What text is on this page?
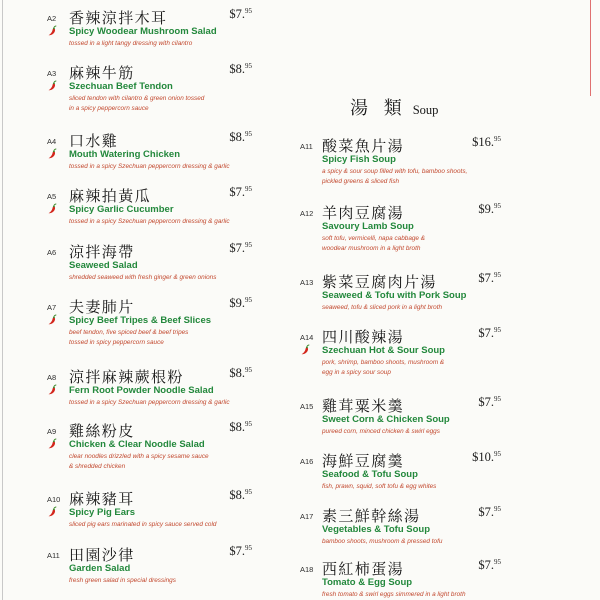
A2 香辣涼拌木耳	$7.95
Spicy Woodear Mushroom Salad
tossed in a light tangy dressing with cilantro
A3 麻辣牛筋	$8.95
Szechuan Beef Tendon
sliced tendon with cilantro & green onion tossed
in a spicy peppercorn sauce
A4 口水雞	$8.95
Mouth Watering Chicken
tossed in a spicy Szechuan peppercorn dressing & garlic
A5 麻辣拍黃瓜	$7.95
Spicy Garlic Cucumber
tossed in a spicy Szechuan peppercorn dressing & garlic
A6 涼拌海帶	$7.95
Seaweed Salad
shredded seaweed with fresh ginger & green onions
A7 夫妻肺片	$9.95
Spicy Beef Tripes & Beef Slices
beef tendon, five spiced beef & beef tripes
tossed in spicy peppercorn sauce
A8 涼拌麻辣蕨根粉	$8.95
Fern Root Powder Noodle Salad
tossed in a spicy Szechuan peppercorn dressing & garlic
A9 雞絲粉皮	$8.95
Chicken & Clear Noodle Salad
clear noodles drizzled with a spicy sesame sauce
& shredded chicken
A10 麻辣豬耳	$8.95
Spicy Pig Ears
sliced pig ears marinated in spicy sauce served cold
A11 田園沙律	$7.95
Garden Salad
fresh green salad in special dressings
湯 類 Soup
A11 酸菜魚片湯	$16.95
Spicy Fish Soup
a spicy & sour soup filled with tofu, bamboo shoots,
pickled greens & sliced fish
A12 羊肉豆腐湯	$9.95
Savoury Lamb Soup
soft tofu, vermicelli, napa cabbage &
woodear mushroom in a light broth
A13 紫菜豆腐肉片湯	$7.95
Seaweed & Tofu with Pork Soup
seaweed, tofu & sliced pork in a light broth
A14 四川酸辣湯	$7.95
Szechuan Hot & Sour Soup
pork, shrimp, bamboo shoots, mushroom &
egg in a spicy sour soup
A15 雞茸粟米羹	$7.95
Sweet Corn & Chicken Soup
pureed corn, minced chicken & swirl eggs
A16 海鮮豆腐羹	$10.95
Seafood & Tofu Soup
fish, prawn, squid, soft tofu & egg whites
A17 素三鮮幹絲湯	$7.95
Vegetables & Tofu Soup
bamboo shoots, mushroom & pressed tofu
A18 西紅柿蛋湯	$7.95
Tomato & Egg Soup
fresh tomato & swirl eggs simmered in a light broth
